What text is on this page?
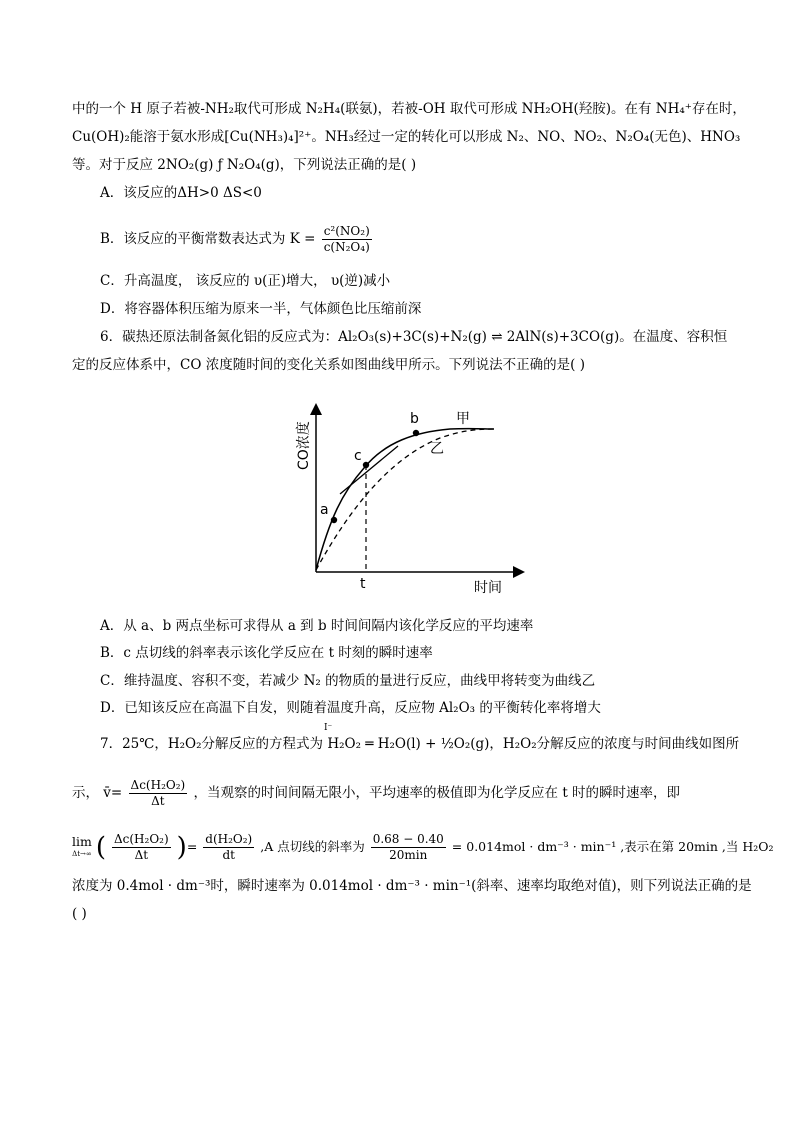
中的一个 H 原子若被-NH₂取代可形成 N₂H₄(联氨)，若被-OH 取代可形成 NH₂OH(羟胺)。在有 NH₄⁺存在时，
Cu(OH)₂能溶于氨水形成[Cu(NH₃)₄]²⁺。NH₃经过一定的转化可以形成 N₂、NO、NO₂、N₂O₄(无色)、HNO₃
等。对于反应 2NO₂(g) ƒ N₂O₄(g)，下列说法正确的是( )
A．该反应的ΔH>0 ΔS<0
B．该反应的平衡常数表达式为 $K = \frac{\text{c²(NO₂)}}{\text{c(N₂O₄)}}$
C．升高温度， 该反应的 υ(正)增大， υ(逆)减小
D．将容器体积压缩为原来一半，气体颜色比压缩前深
6．碳热还原法制备氮化铝的反应式为：Al₂O₃(s)+3C(s)+N₂(g) ⇌ 2AlN(s)+3CO(g)。在温度、容积恒
定的反应体系中，CO 浓度随时间的变化关系如图曲线甲所示。下列说法不正确的是( )
CO浓度
时间
a
b
c
甲
乙
t
A．从 a、b 两点坐标可求得从 a 到 b 时间间隔内该化学反应的平均速率
B．c 点切线的斜率表示该化学反应在 t 时刻的瞬时速率
C．维持温度、容积不变，若减少 N₂ 的物质的量进行反应，曲线甲将转变为曲线乙
D．已知该反应在高温下自发，则随着温度升高，反应物 Al₂O₃ 的平衡转化率将增大
7．25℃，H₂O₂分解反应的方程式为 H₂O₂ ═ H₂O(l) + ½O₂(g)，H₂O₂分解反应的浓度与时间曲线如图所
I⁻
示， v̄= $\frac{\text{Δc(H₂O₂)}}{\Delta t}$ ，当观察的时间间隔无限小，平均速率的极值即为化学反应在 t 时的瞬时速率，即
lim
Δt→∞ ( $\frac{\text{Δc(H₂O₂)}}{\Delta t}$ )= $\frac{\text{d(H₂O₂)}}{dt} ,A$ 点切线的斜率为 $\frac{0.68 - 0.40}{20\min} = 0.014mol \cdot dm^{-3} \cdot \min^{-1}$ ,表示在第 20min ,当 H₂O₂
浓度为 0.4mol · dm⁻³时，瞬时速率为 0.014mol · dm⁻³ · min⁻¹(斜率、速率均取绝对值)，则下列说法正确的是
( )
